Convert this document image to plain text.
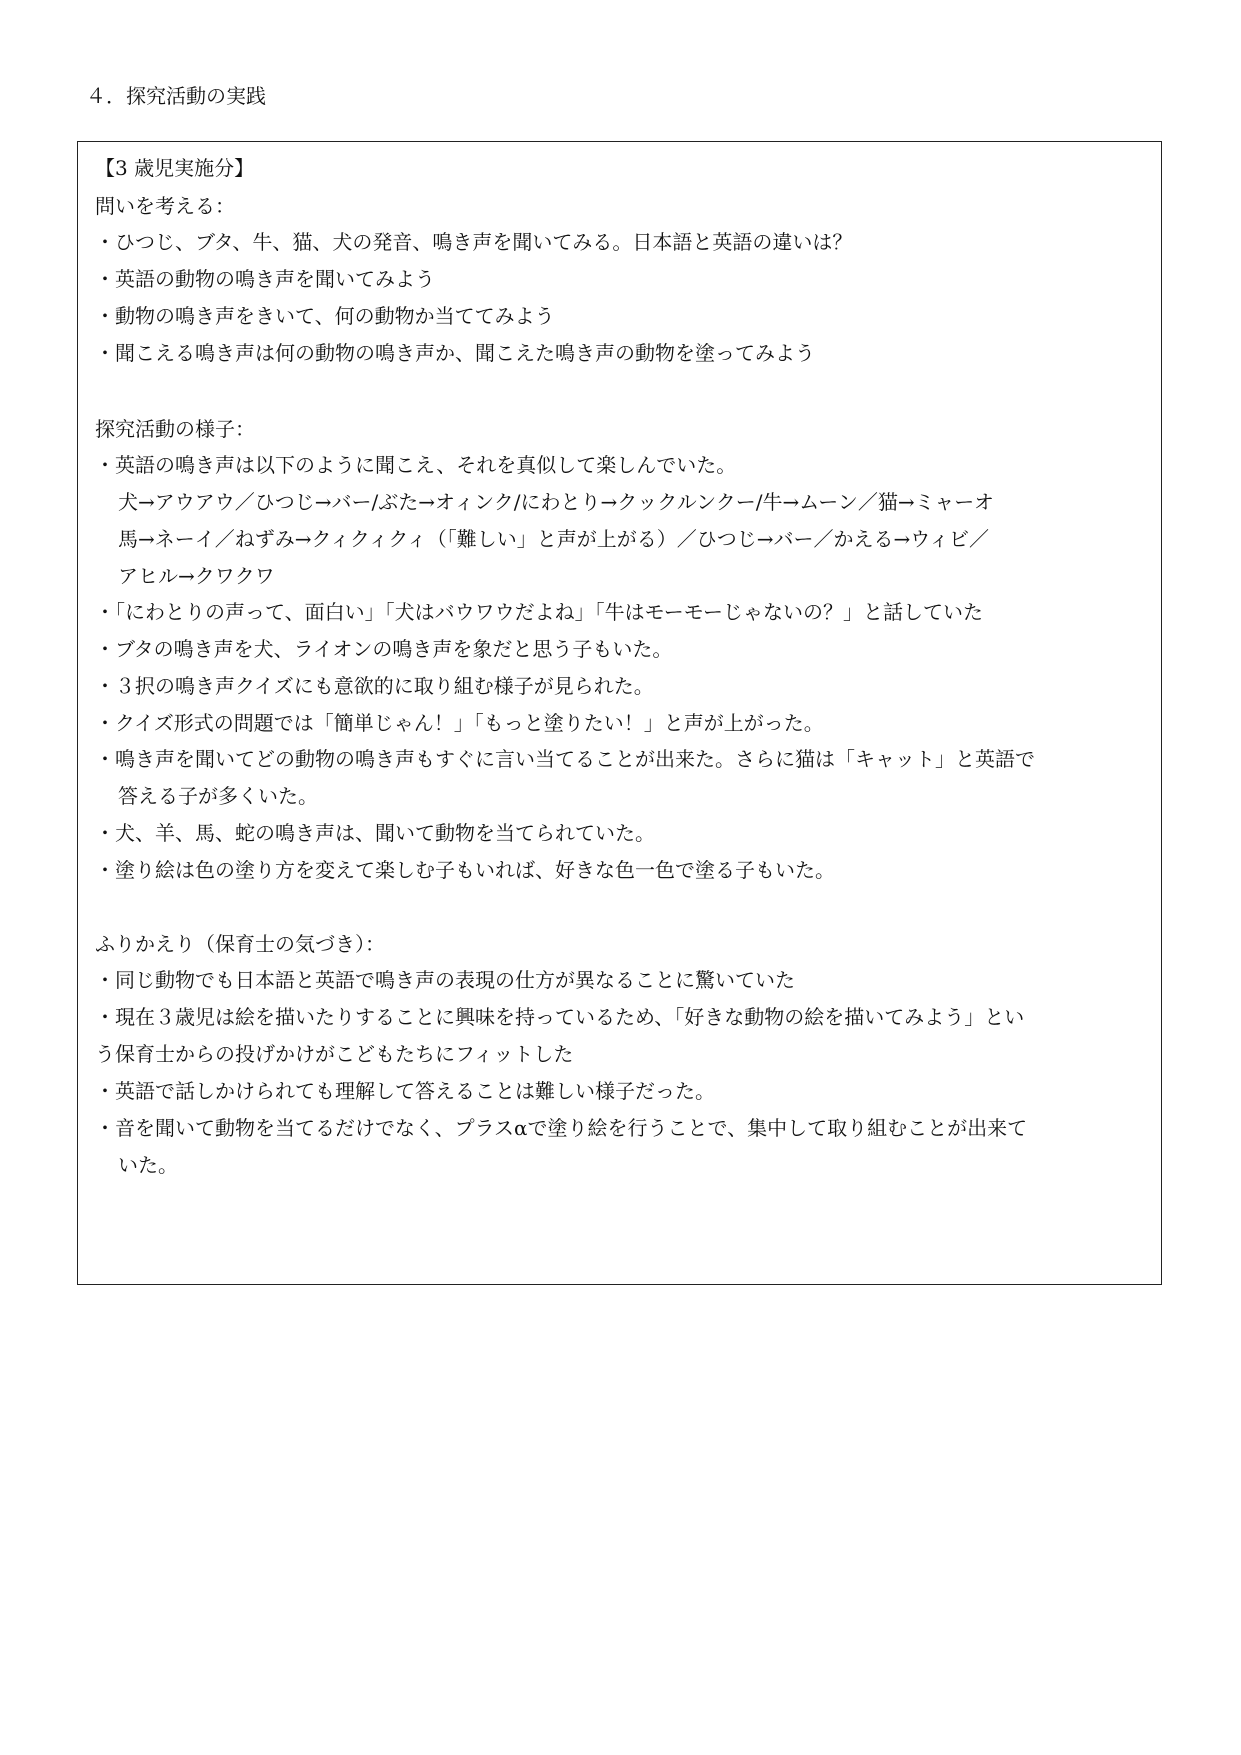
４．探究活動の実践
【3 歳児実施分】
問いを考える：
・ひつじ、ブタ、牛、猫、犬の発音、鳴き声を聞いてみる。日本語と英語の違いは？
・英語の動物の鳴き声を聞いてみよう
・動物の鳴き声をきいて、何の動物か当ててみよう
・聞こえる鳴き声は何の動物の鳴き声か、聞こえた鳴き声の動物を塗ってみよう
探究活動の様子：
・英語の鳴き声は以下のように聞こえ、それを真似して楽しんでいた。
犬→アウアウ／ひつじ→バー/ぶた→オィンク/にわとり→クックルンクー/牛→ムーン／猫→ミャーオ
馬→ネーイ／ねずみ→クィクィクィ（「難しい」と声が上がる）／ひつじ→バー／かえる→ウィビ／
アヒル→クワクワ
・「にわとりの声って、面白い」「犬はバウワウだよね」「牛はモーモーじゃないの？」と話していた
・ブタの鳴き声を犬、ライオンの鳴き声を象だと思う子もいた。
・３択の鳴き声クイズにも意欲的に取り組む様子が見られた。
・クイズ形式の問題では「簡単じゃん！」「もっと塗りたい！」と声が上がった。
・鳴き声を聞いてどの動物の鳴き声もすぐに言い当てることが出来た。さらに猫は「キャット」と英語で
答える子が多くいた。
・犬、羊、馬、蛇の鳴き声は、聞いて動物を当てられていた。
・塗り絵は色の塗り方を変えて楽しむ子もいれば、好きな色一色で塗る子もいた。
ふりかえり（保育士の気づき）：
・同じ動物でも日本語と英語で鳴き声の表現の仕方が異なることに驚いていた
・現在３歳児は絵を描いたりすることに興味を持っているため、「好きな動物の絵を描いてみよう」とい
う保育士からの投げかけがこどもたちにフィットした
・英語で話しかけられても理解して答えることは難しい様子だった。
・音を聞いて動物を当てるだけでなく、プラスαで塗り絵を行うことで、集中して取り組むことが出来て
いた。
